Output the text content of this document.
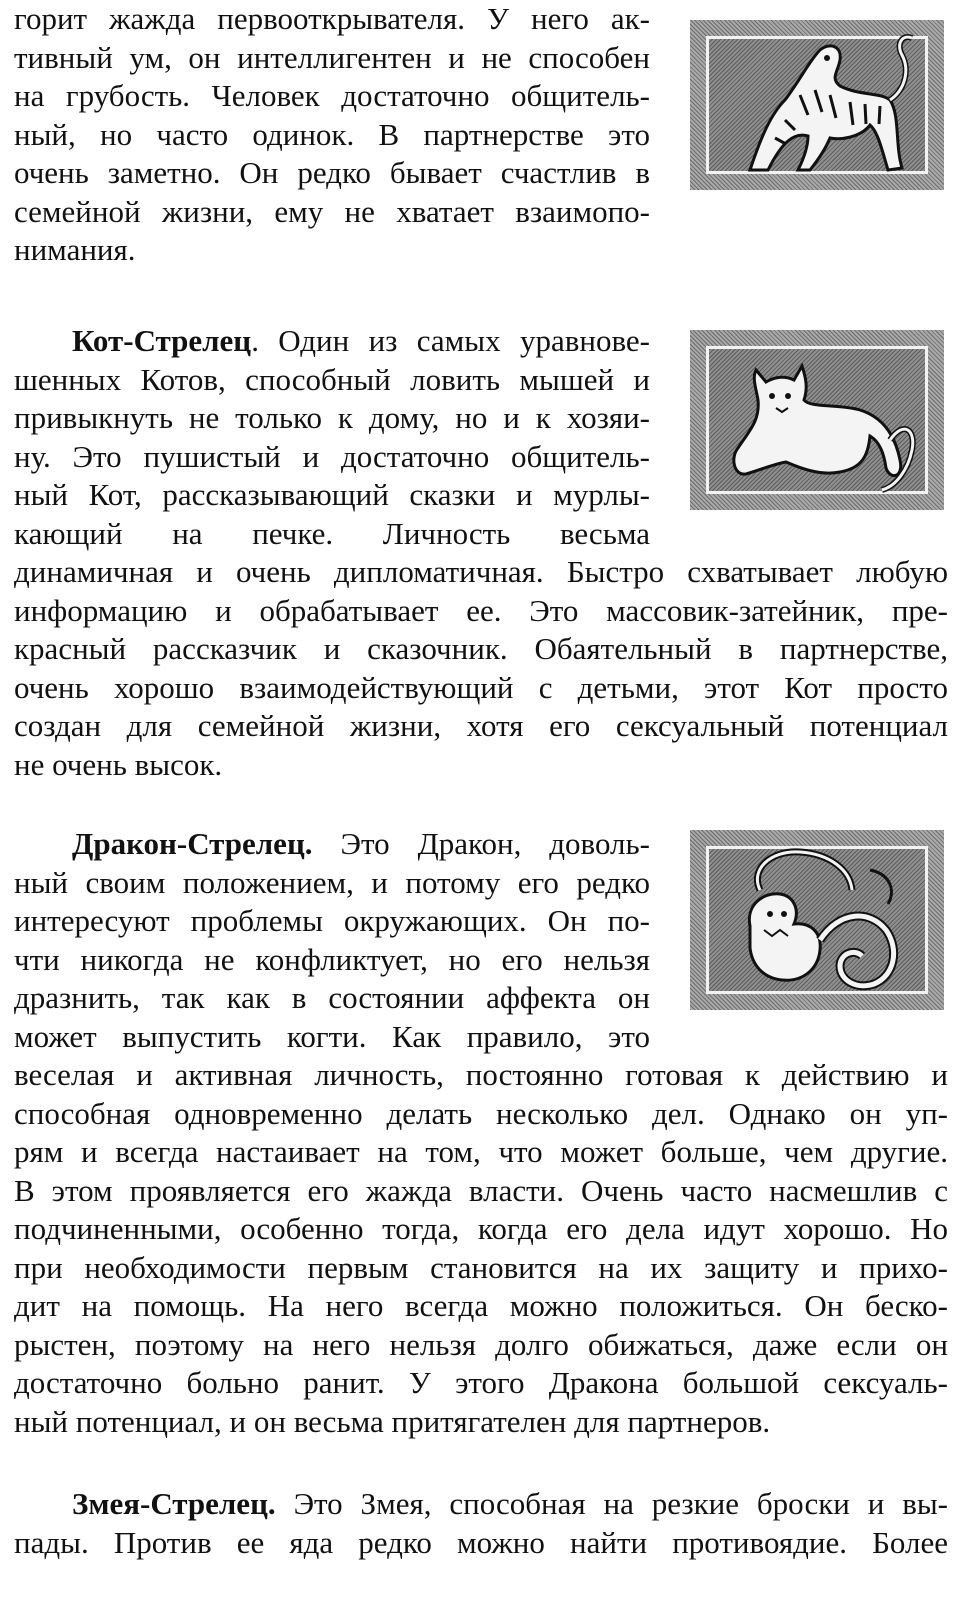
горит жажда первооткрывателя. У него ак-
тивный ум, он интеллигентен и не способен
на грубость. Человек достаточно общитель-
ный, но часто одинок. В партнерстве это
очень заметно. Он редко бывает счастлив в
семейной жизни, ему не хватает взаимопо-
нимания.
Кот-Стрелец. Один из самых уравнове-
шенных Котов, способный ловить мышей и
привыкнуть не только к дому, но и к хозяи-
ну. Это пушистый и достаточно общитель-
ный Кот, рассказывающий сказки и мурлы-
кающий на печке. Личность весьма
динамичная и очень дипломатичная. Быстро схватывает любую
информацию и обрабатывает ее. Это массовик-затейник, пре-
красный рассказчик и сказочник. Обаятельный в партнерстве,
очень хорошо взаимодействующий с детьми, этот Кот просто
создан для семейной жизни, хотя его сексуальный потенциал
не очень высок.
Дракон-Стрелец. Это Дракон, доволь-
ный своим положением, и потому его редко
интересуют проблемы окружающих. Он по-
чти никогда не конфликтует, но его нельзя
дразнить, так как в состоянии аффекта он
может выпустить когти. Как правило, это
веселая и активная личность, постоянно готовая к действию и
способная одновременно делать несколько дел. Однако он уп-
рям и всегда настаивает на том, что может больше, чем другие.
В этом проявляется его жажда власти. Очень часто насмешлив с
подчиненными, особенно тогда, когда его дела идут хорошо. Но
при необходимости первым становится на их защиту и прихо-
дит на помощь. На него всегда можно положиться. Он беско-
рыстен, поэтому на него нельзя долго обижаться, даже если он
достаточно больно ранит. У этого Дракона большой сексуаль-
ный потенциал, и он весьма притягателен для партнеров.
Змея-Стрелец. Это Змея, способная на резкие броски и вы-
пады. Против ее яда редко можно найти противоядие. Более
